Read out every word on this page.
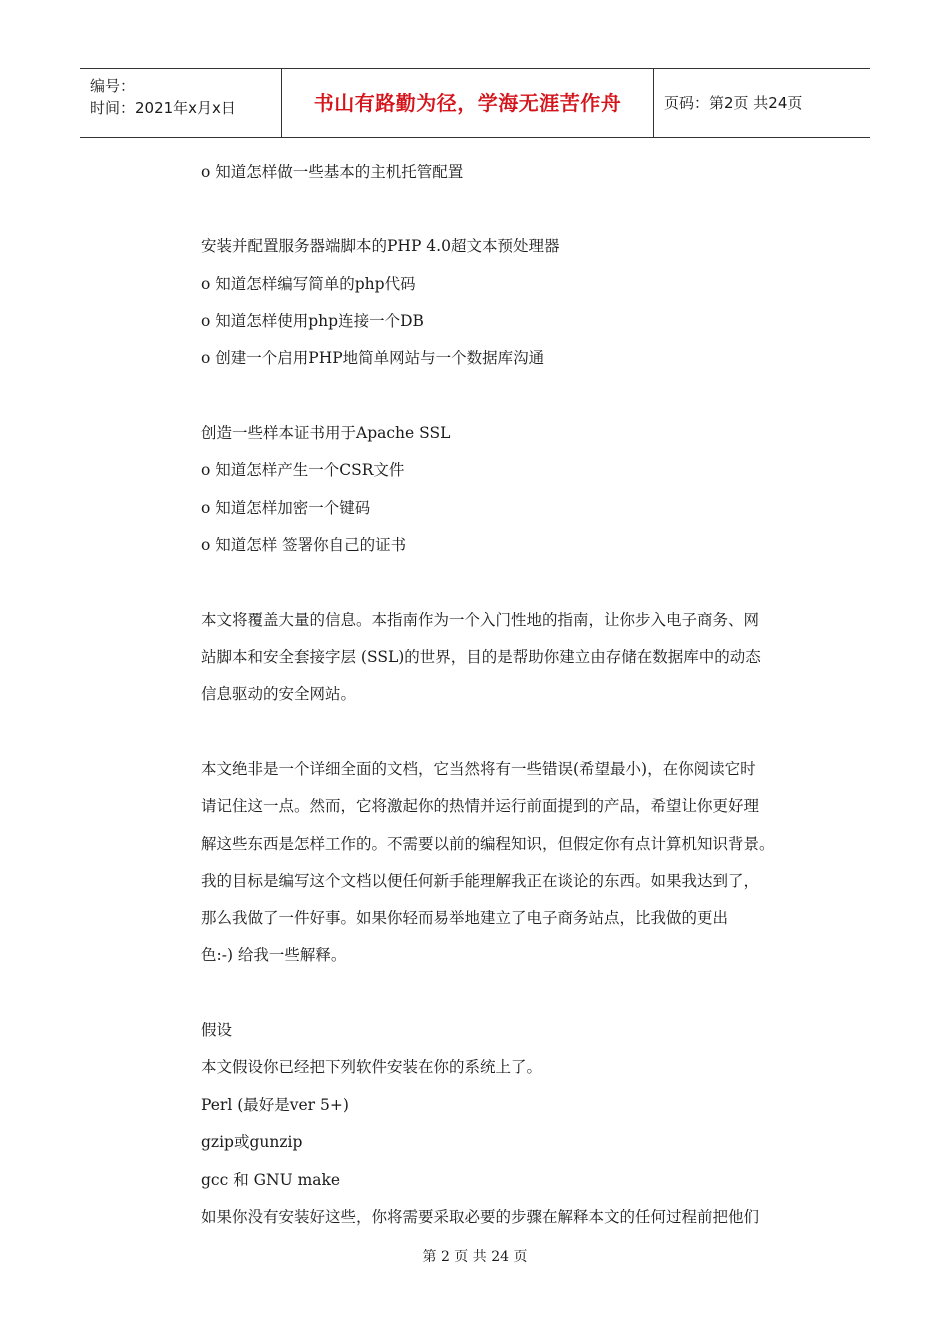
编号：
时间：2021年x月x日	书山有路勤为径，学海无涯苦作舟	页码：第2页 共24页
o 知道怎样做一些基本的主机托管配置
安装并配置服务器端脚本的PHP 4.0超文本预处理器
o 知道怎样编写简单的php代码
o 知道怎样使用php连接一个DB
o 创建一个启用PHP地简单网站与一个数据库沟通
创造一些样本证书用于Apache SSL
o 知道怎样产生一个CSR文件
o 知道怎样加密一个键码
o 知道怎样 签署你自己的证书
本文将覆盖大量的信息。本指南作为一个入门性地的指南，让你步入电子商务、网
站脚本和安全套接字层 (SSL)的世界，目的是帮助你建立由存储在数据库中的动态
信息驱动的安全网站。
本文绝非是一个详细全面的文档，它当然将有一些错误(希望最小)，在你阅读它时
请记住这一点。然而，它将激起你的热情并运行前面提到的产品，希望让你更好理
解这些东西是怎样工作的。不需要以前的编程知识，但假定你有点计算机知识背景。
我的目标是编写这个文档以便任何新手能理解我正在谈论的东西。如果我达到了，
那么我做了一件好事。如果你轻而易举地建立了电子商务站点，比我做的更出
色:-) 给我一些解释。
假设
本文假设你已经把下列软件安装在你的系统上了。
Perl (最好是ver 5+)
gzip或gunzip
gcc 和 GNU make
如果你没有安装好这些，你将需要采取必要的步骤在解释本文的任何过程前把他们
第 2 页 共 24 页
